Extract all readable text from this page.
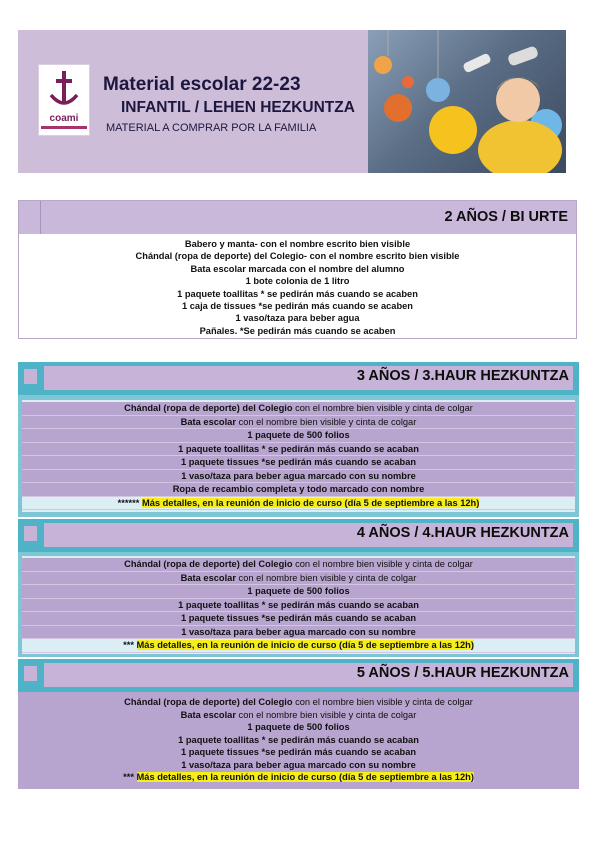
coami
Material escolar 22-23
INFANTIL / LEHEN HEZKUNTZA
MATERIAL A COMPRAR POR LA FAMILIA
2 AÑOS / BI URTE
Babero y manta- con el nombre escrito bien visible
Chándal (ropa de deporte) del Colegio- con el nombre escrito bien visible
Bata escolar marcada con el nombre del alumno
1 bote colonia de 1 litro
1 paquete toallitas * se pedirán más cuando se acaben
1 caja de tissues *se pedirán más cuando se acaben
1 vaso/taza para beber agua
Pañales. *Se pedirán más cuando se acaben
3 AÑOS / 3.HAUR HEZKUNTZA
Chándal (ropa de deporte) del Colegio con el nombre bien visible y cinta de colgar
Bata escolar con el nombre bien visible y cinta de colgar
1 paquete de 500 folios
1 paquete toallitas * se pedirán más cuando se acaban
1 paquete tissues *se pedirán más cuando se acaban
1 vaso/taza para beber agua marcado con su nombre
Ropa de recambio completa y todo marcado con nombre
****** Más detalles, en la reunión de inicio de curso (día 5 de septiembre a las 12h)
4 AÑOS / 4.HAUR HEZKUNTZA
Chándal (ropa de deporte) del Colegio con el nombre bien visible y cinta de colgar
Bata escolar con el nombre bien visible y cinta de colgar
1 paquete de 500 folios
1 paquete toallitas * se pedirán más cuando se acaban
1 paquete tissues *se pedirán más cuando se acaban
1 vaso/taza para beber agua marcado con su nombre
*** Más detalles, en la reunión de inicio de curso (día 5 de septiembre a las 12h)
5 AÑOS / 5.HAUR HEZKUNTZA
Chándal (ropa de deporte) del Colegio con el nombre bien visible y cinta de colgar
Bata escolar con el nombre bien visible y cinta de colgar
1 paquete de 500 folios
1 paquete toallitas * se pedirán más cuando se acaban
1 paquete tissues *se pedirán más cuando se acaban
1 vaso/taza para beber agua marcado con su nombre
*** Más detalles, en la reunión de inicio de curso (día 5 de septiembre a las 12h)
